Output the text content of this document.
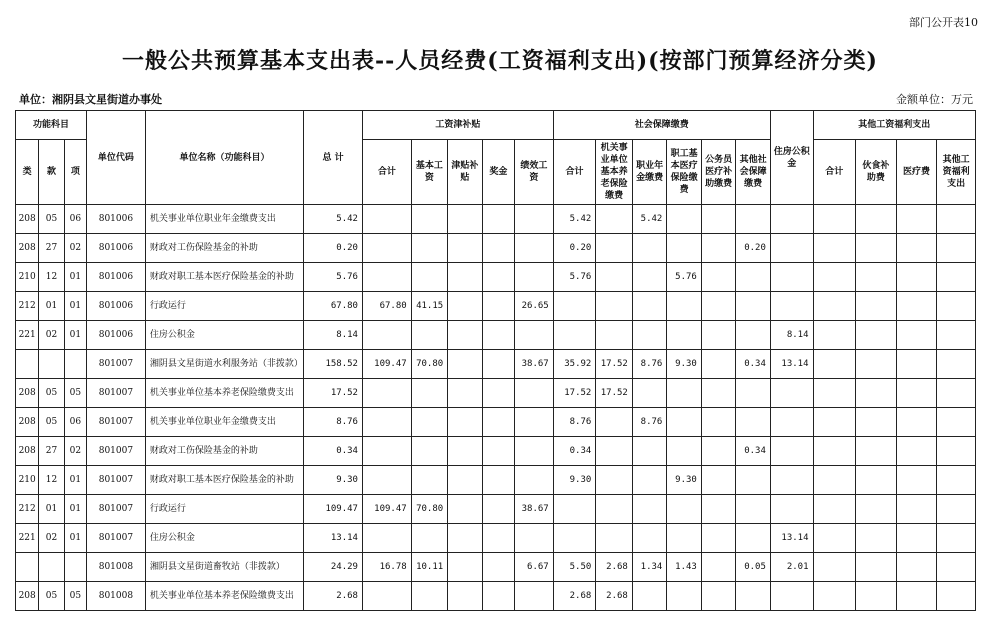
部门公开表10
一般公共预算基本支出表--人员经费(工资福利支出)(按部门预算经济分类)
单位：湘阴县文星街道办事处	金额单位：万元
功能科目			单位代码	单位名称（功能科目）	总 计	工资津补贴					社会保障缴费						住房公积金	其他工资福利支出			
类	款	项				合计	基本工资	津贴补贴	奖金	绩效工资	合计	机关事业单位基本养老保险缴费	职业年金缴费	职工基本医疗保险缴费	公务员医疗补助缴费	其他社会保障缴费		合计	伙食补助费	医疗费	其他工资福利支出
208	05	06	801006	机关事业单位职业年金缴费支出	5.42						5.42		5.42								
208	27	02	801006	财政对工伤保险基金的补助	0.20						0.20					0.20					
210	12	01	801006	财政对职工基本医疗保险基金的补助	5.76						5.76			5.76							
212	01	01	801006	行政运行	67.80	67.80	41.15			26.65											
221	02	01	801006	住房公积金	8.14												8.14				
			801007	湘阴县文星街道水利服务站（非拨款）	158.52	109.47	70.80			38.67	35.92	17.52	8.76	9.30		0.34	13.14				
208	05	05	801007	机关事业单位基本养老保险缴费支出	17.52						17.52	17.52									
208	05	06	801007	机关事业单位职业年金缴费支出	8.76						8.76		8.76								
208	27	02	801007	财政对工伤保险基金的补助	0.34						0.34					0.34					
210	12	01	801007	财政对职工基本医疗保险基金的补助	9.30						9.30			9.30							
212	01	01	801007	行政运行	109.47	109.47	70.80			38.67											
221	02	01	801007	住房公积金	13.14												13.14				
			801008	湘阴县文星街道畜牧站（非拨款）	24.29	16.78	10.11			6.67	5.50	2.68	1.34	1.43		0.05	2.01				
208	05	05	801008	机关事业单位基本养老保险缴费支出	2.68						2.68	2.68									
